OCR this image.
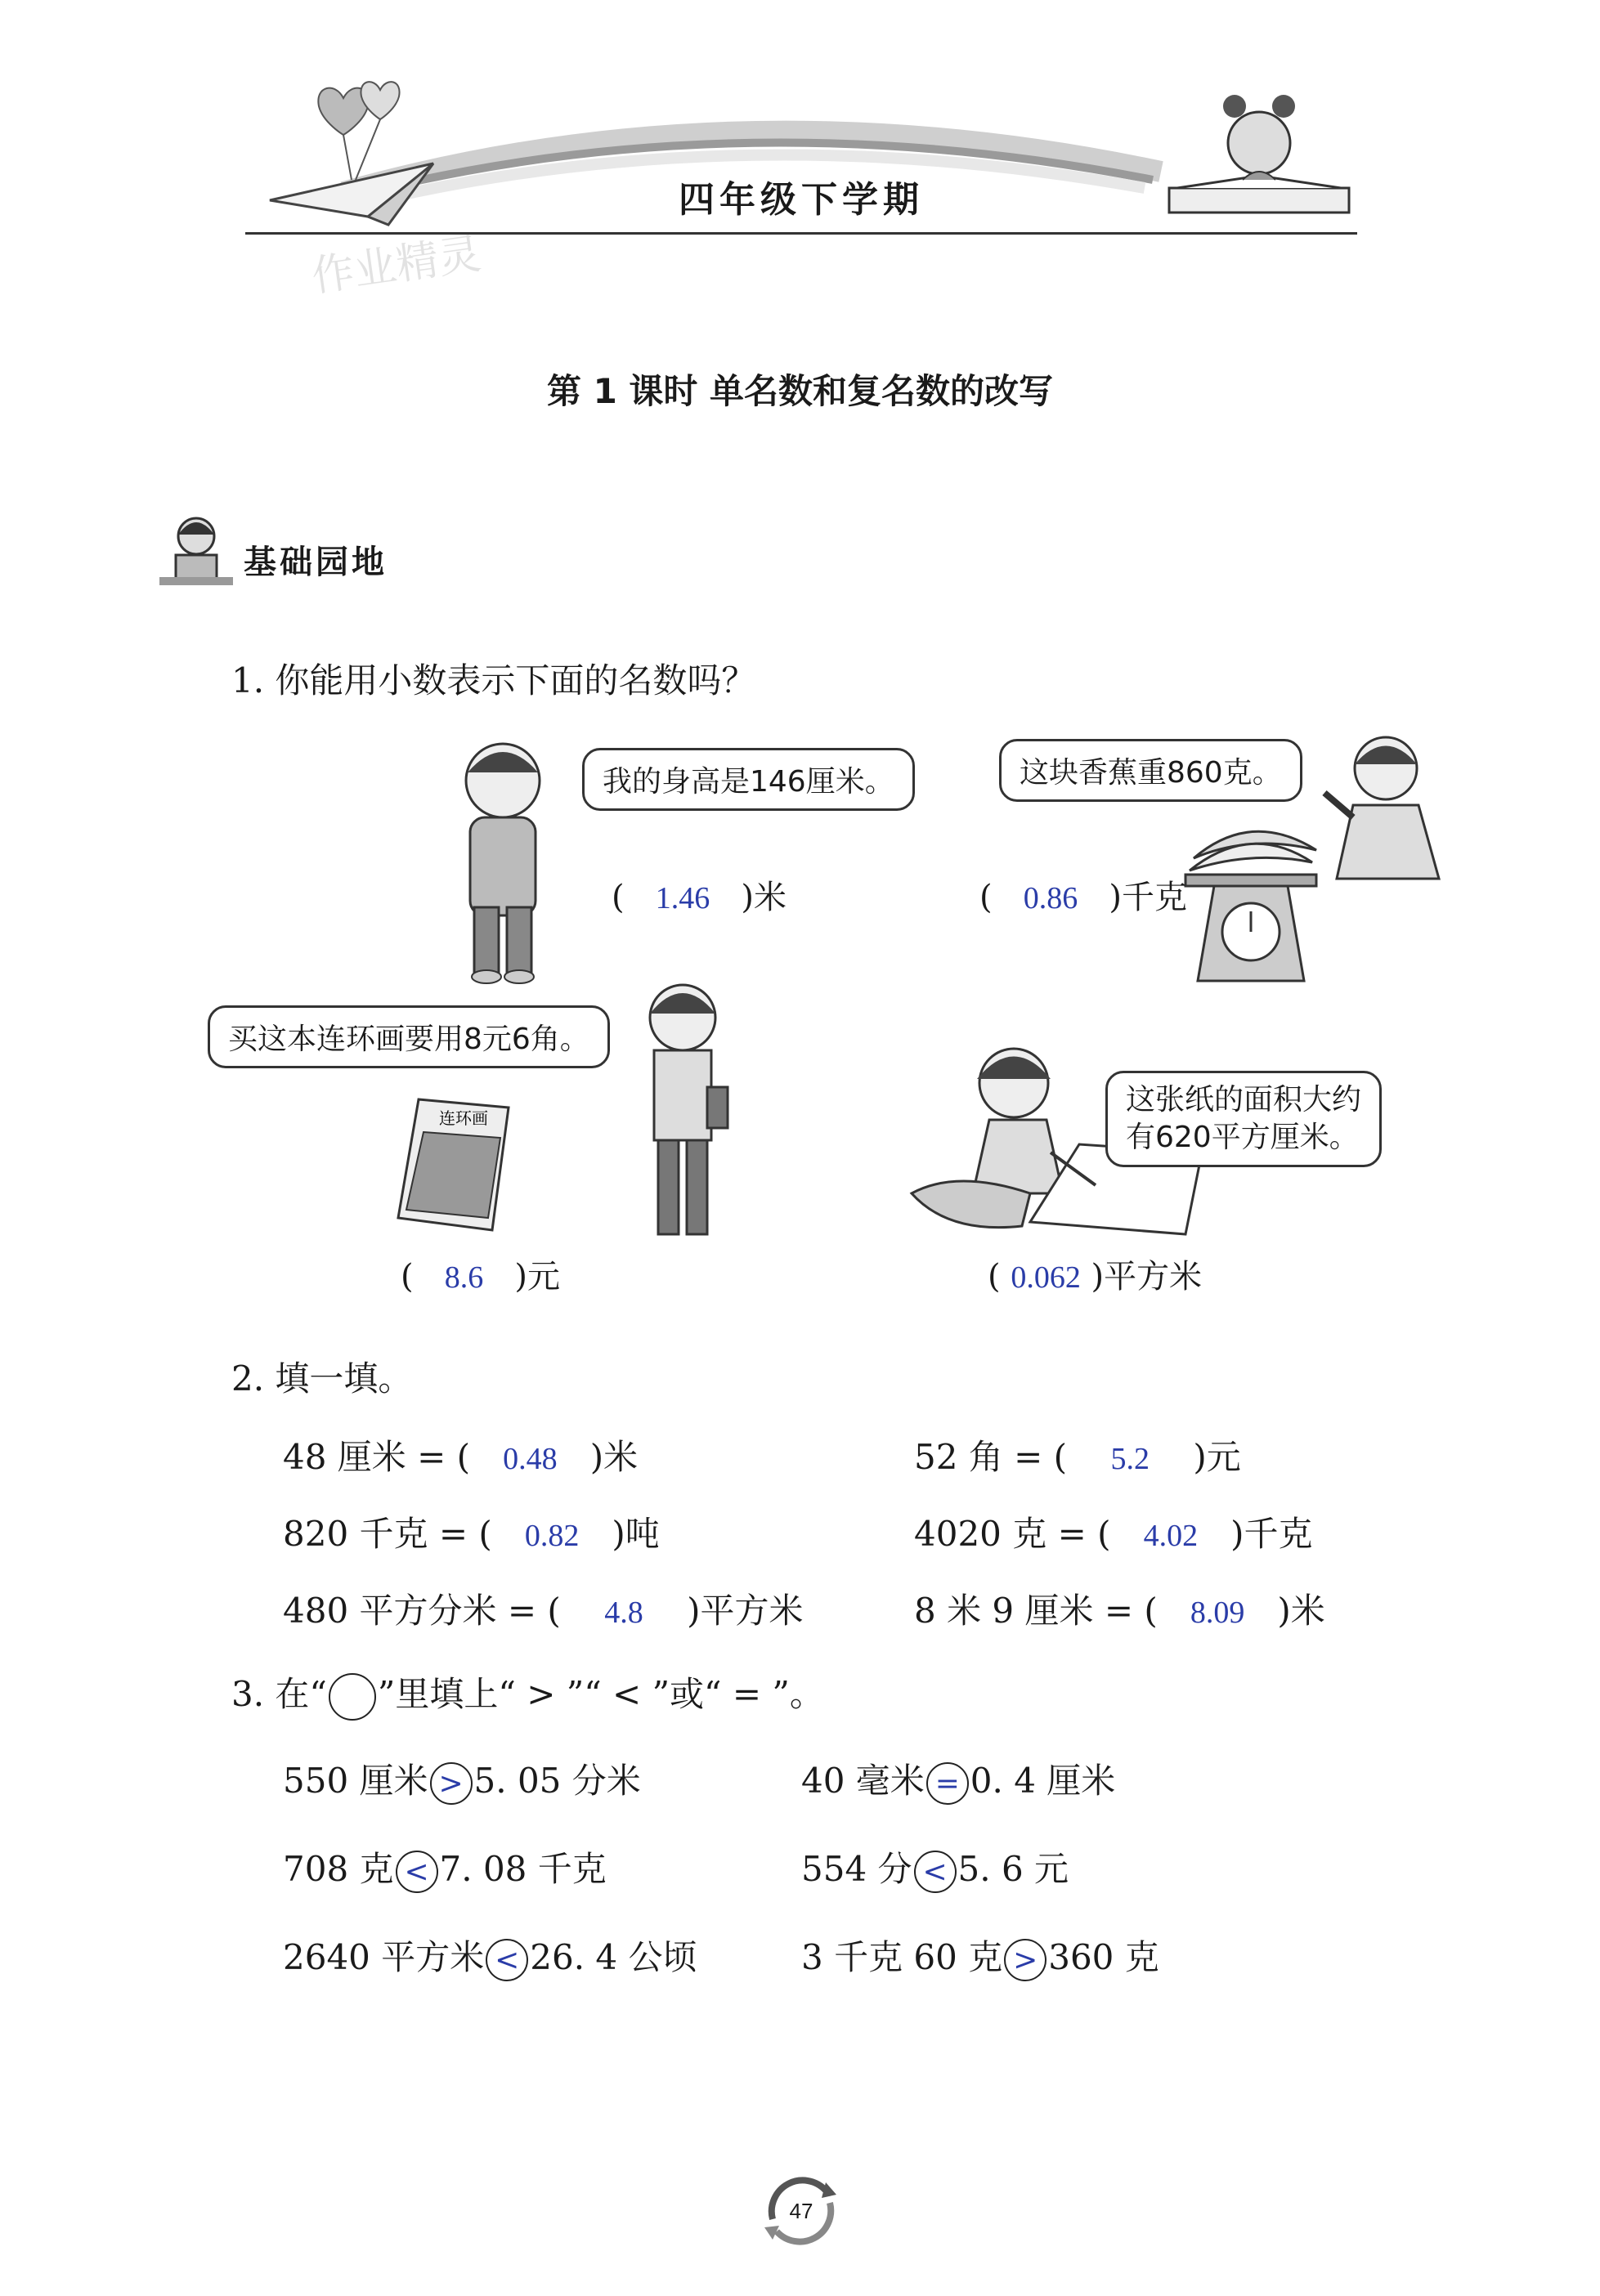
四年级下学期
作业精灵
第 1 课时 单名数和复名数的改写
基础园地
1. 你能用小数表示下面的名数吗？
我的身高是146厘米。
( 1.46 )米
这块香蕉重860克。
( 0.86 )千克
买这本连环画要用8元6角。
连环画
( 8.6 )元
这张纸的面积大约
有620平方厘米。
( 0.062 )平方米
2. 填一填。
48 厘米 = ( 0.48 )米	52 角 = ( 5.2 )元
820 千克 = ( 0.82 )吨	4020 克 = ( 4.02 )千克
480 平方分米 = ( 4.8 )平方米	8 米 9 厘米 = ( 8.09 )米
3. 在“ ”里填上“ > ”“ < ”或“ = ”。
550 厘米 > 5. 05 分米	40 毫米 = 0. 4 厘米
708 克 < 7. 08 千克	554 分 < 5. 6 元
2640 平方米 < 26. 4 公顷	3 千克 60 克 > 360 克
47
